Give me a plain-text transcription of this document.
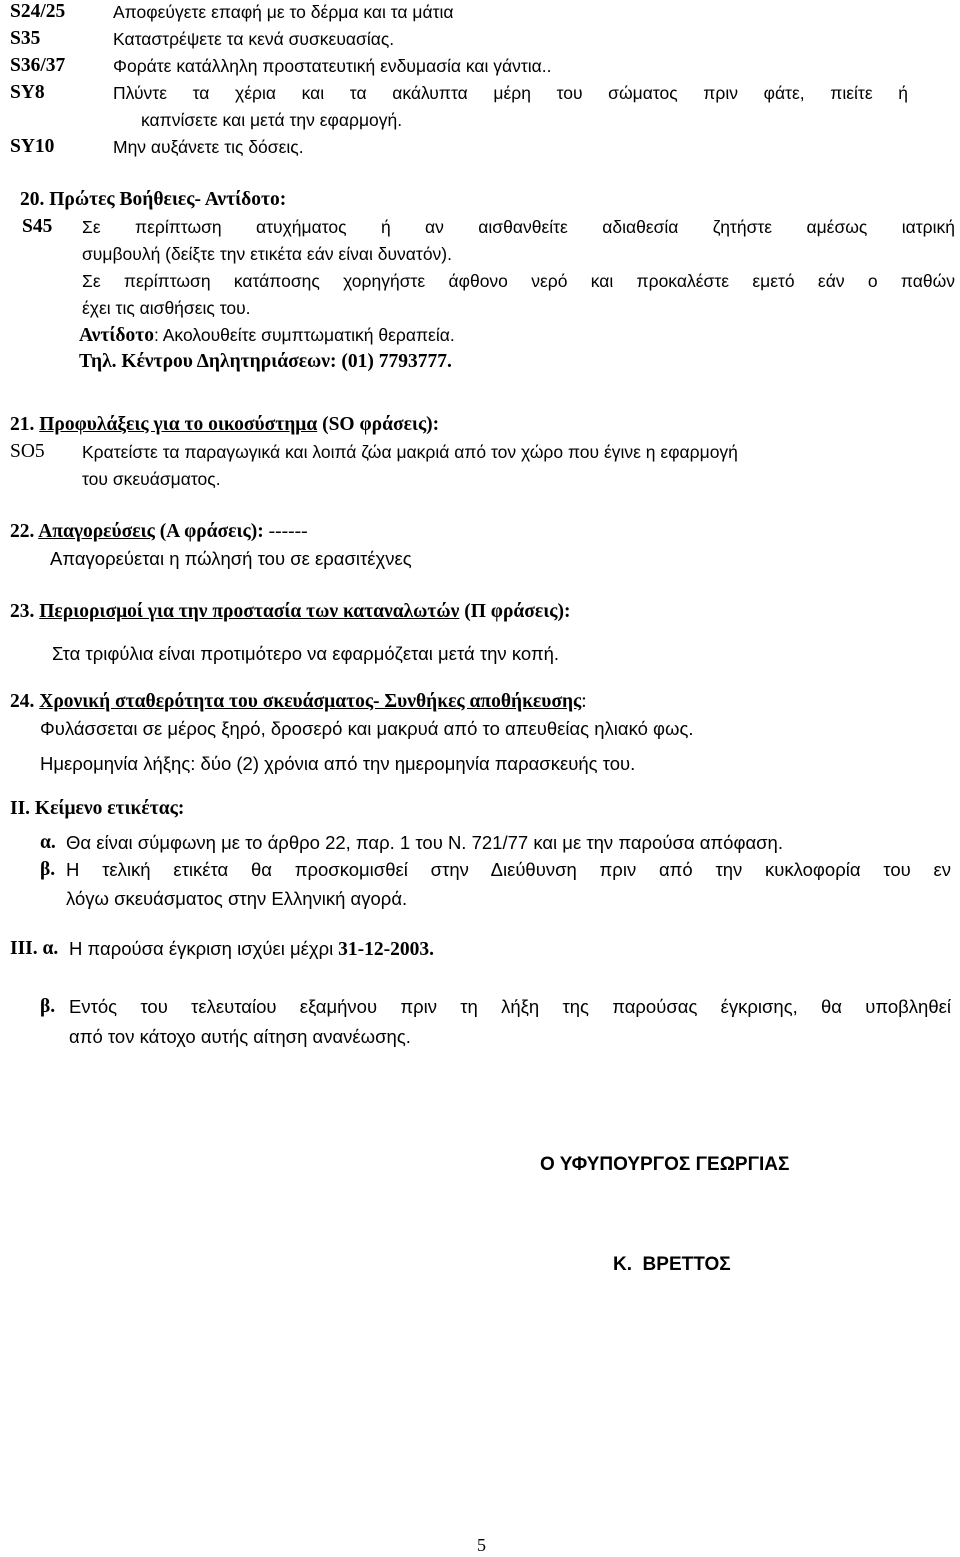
S24/25	Αποφεύγετε επαφή με το δέρμα και τα μάτια
S35	Καταστρέψετε τα κενά συσκευασίας.
S36/37	Φοράτε κατάλληλη προστατευτική ενδυμασία και γάντια..
SY8	Πλύντε τα χέρια και τα ακάλυπτα μέρη του σώματος πριν φάτε, πιείτε ή
καπνίσετε και μετά την εφαρμογή.
SY10	Μην αυξάνετε τις δόσεις.
20. Πρώτες Βοήθειες- Αντίδοτο:
S45 Σε περίπτωση ατυχήματος ή αν αισθανθείτε αδιαθεσία ζητήστε αμέσως ιατρική
συμβουλή (δείξτε την ετικέτα εάν είναι δυνατόν).
Σε περίπτωση κατάποσης χορηγήστε άφθονο νερό και προκαλέστε εμετό εάν ο παθών
έχει τις αισθήσεις του.
Αντίδοτο: Ακολουθείτε συμπτωματική θεραπεία.
Τηλ. Κέντρου Δηλητηριάσεων: (01) 7793777.
21. Προφυλάξεις για το οικοσύστημα (SO φράσεις):
SO5 Κρατείστε τα παραγωγικά και λοιπά ζώα μακριά από τον χώρο που έγινε η εφαρμογή
του σκευάσματος.
22. Απαγορεύσεις (Α φράσεις): ------
Απαγορεύεται η πώλησή του σε ερασιτέχνες
23. Περιορισμοί για την προστασία των καταναλωτών (Π φράσεις):
Στα τριφύλια είναι προτιμότερο να εφαρμόζεται μετά την κοπή.
24. Χρονική σταθερότητα του σκευάσματος- Συνθήκες αποθήκευσης:
Φυλάσσεται σε μέρος ξηρό, δροσερό και μακρυά από το απευθείας ηλιακό φως.
Ημερομηνία λήξης: δύο (2) χρόνια από την ημερομηνία παρασκευής του.
ΙΙ. Κείμενο ετικέτας:
α. Θα είναι σύμφωνη με το άρθρο 22, παρ. 1 του Ν. 721/77 και με την παρούσα απόφαση.
β. Η τελική ετικέτα θα προσκομισθεί στην Διεύθυνση πριν από την κυκλοφορία του εν
λόγω σκευάσματος στην Ελληνική αγορά.
ΙΙΙ. α. Η παρούσα έγκριση ισχύει μέχρι 31-12-2003.
β. Εντός του τελευταίου εξαμήνου πριν τη λήξη της παρούσας έγκρισης, θα υποβληθεί
από τον κάτοχο αυτής αίτηση ανανέωσης.
Ο ΥΦΥΠΟΥΡΓΟΣ ΓΕΩΡΓΙΑΣ
Κ.  ΒΡΕΤΤΟΣ
5
